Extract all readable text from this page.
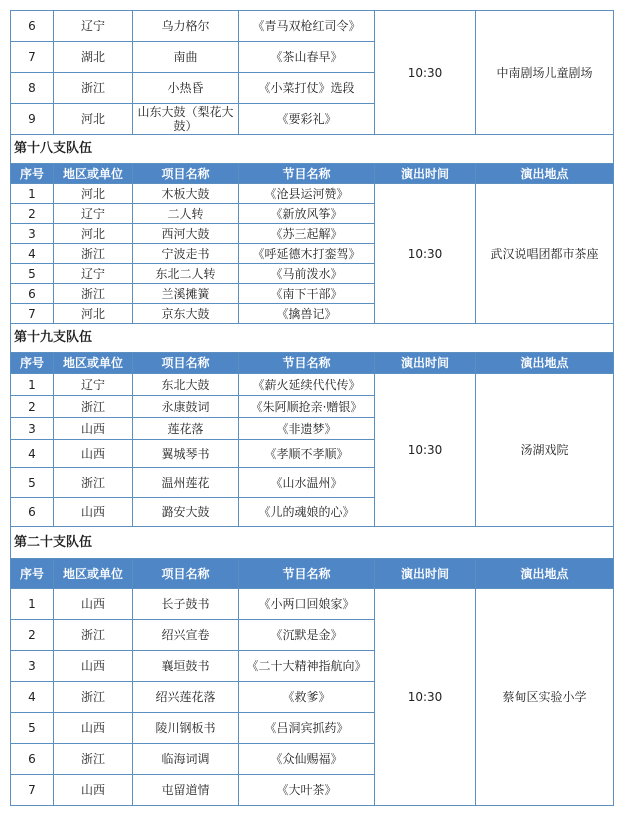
6	辽宁	乌力格尔	《青马双枪红司令》	10:30	中南剧场儿童剧场
7	湖北	南曲	《茶山春早》		
8	浙江	小热昏	《小菜打仗》选段		
9	河北	山东大鼓（梨花大鼓）	《要彩礼》		
第十八支队伍					
序号	地区或单位	项目名称	节目名称	演出时间	演出地点
1	河北	木板大鼓	《沧县运河赞》	10:30	武汉说唱团都市茶座
2	辽宁	二人转	《新放风筝》		
3	河北	西河大鼓	《苏三起解》		
4	浙江	宁波走书	《呼延德木打銮驾》		
5	辽宁	东北二人转	《马前泼水》		
6	浙江	兰溪摊簧	《南下干部》		
7	河北	京东大鼓	《擒兽记》		
第十九支队伍					
序号	地区或单位	项目名称	节目名称	演出时间	演出地点
1	辽宁	东北大鼓	《薪火延续代代传》	10:30	汤湖戏院
2	浙江	永康鼓词	《朱阿顺抢亲·赠银》		
3	山西	莲花落	《非遗梦》		
4	山西	翼城琴书	《孝顺不孝顺》		
5	浙江	温州莲花	《山水温州》		
6	山西	潞安大鼓	《儿的魂娘的心》		
第二十支队伍					
序号	地区或单位	项目名称	节目名称	演出时间	演出地点
1	山西	长子鼓书	《小两口回娘家》	10:30	蔡甸区实验小学
2	浙江	绍兴宣卷	《沉默是金》		
3	山西	襄垣鼓书	《二十大精神指航向》		
4	浙江	绍兴莲花落	《救爹》		
5	山西	陵川钢板书	《吕洞宾抓药》		
6	浙江	临海词调	《众仙赐福》		
7	山西	屯留道情	《大叶茶》		
